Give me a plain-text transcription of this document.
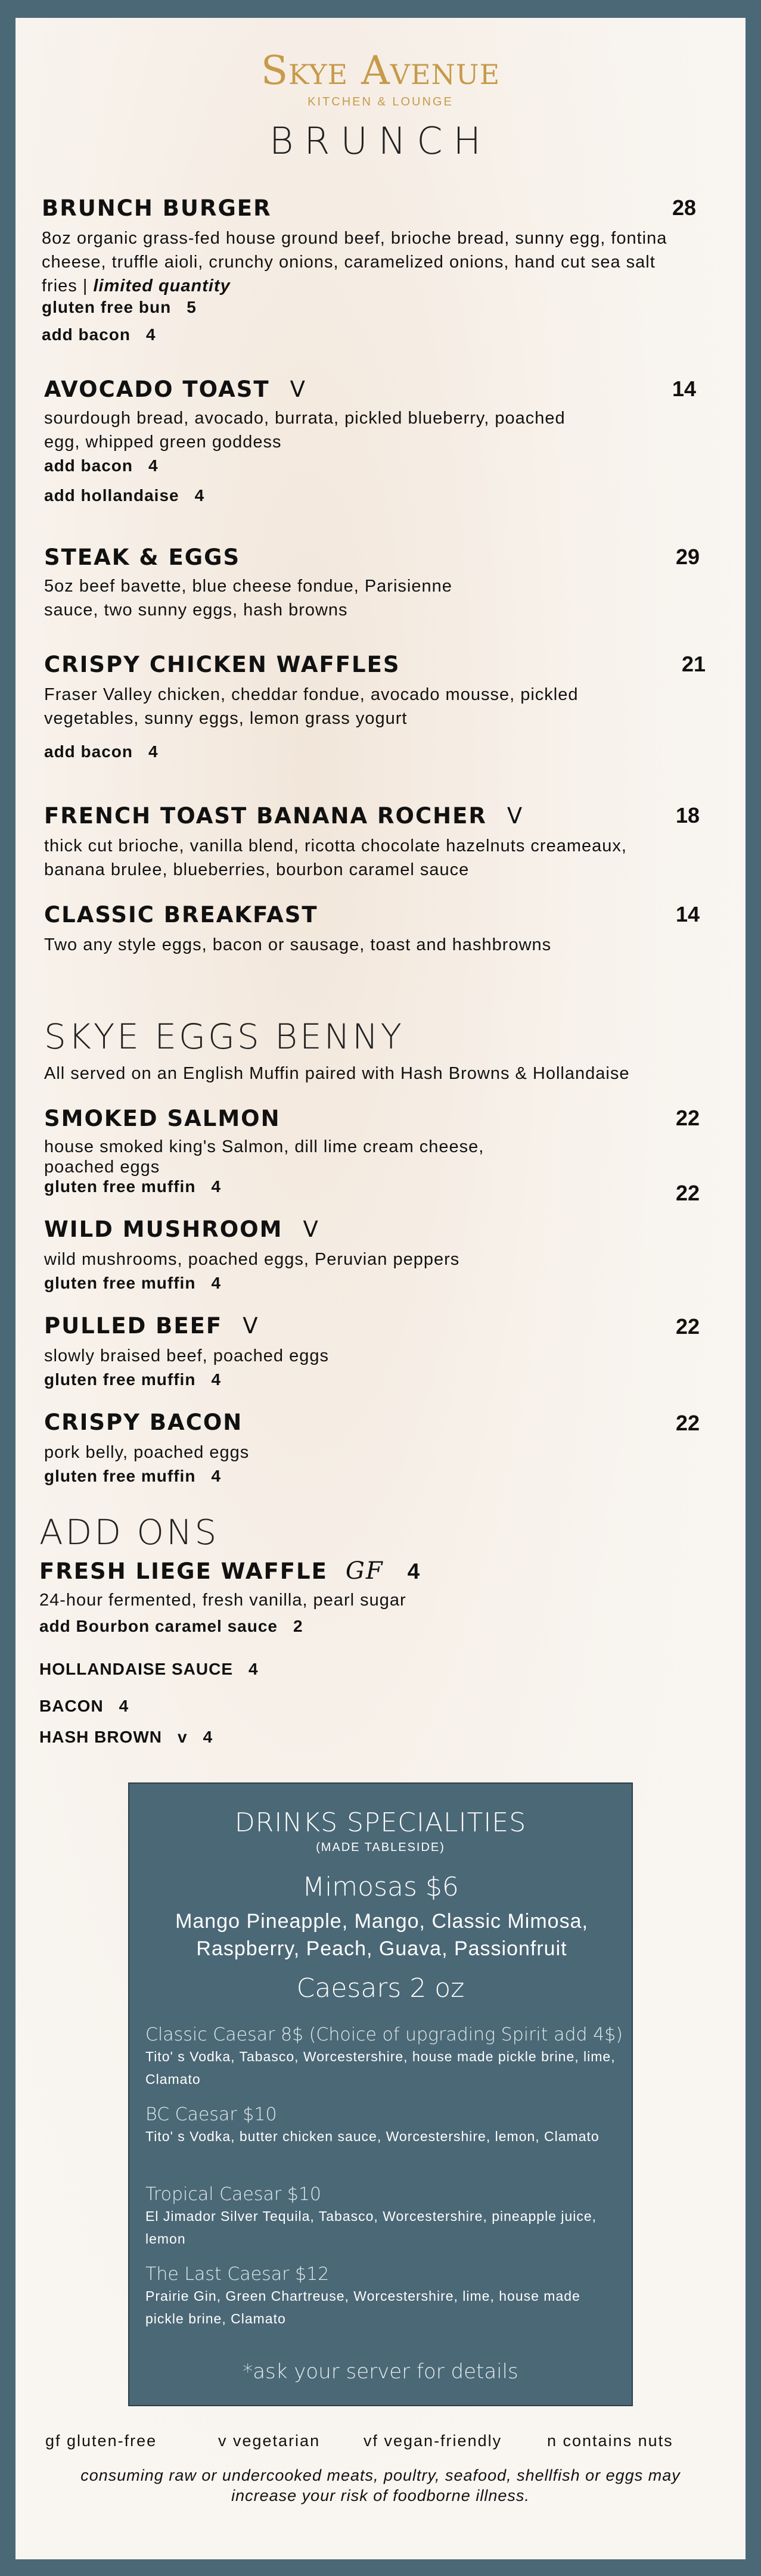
Skye Avenue
KITCHEN & LOUNGE
BRUNCH
BRUNCH BURGER	28
8oz organic grass-fed house ground beef, brioche bread, sunny egg, fontina cheese, truffle aioli, crunchy onions, caramelized onions, hand cut sea salt fries | limited quantity
gluten free bun 5
add bacon 4
AVOCADO TOAST V	14
sourdough bread, avocado, burrata, pickled blueberry, poached egg, whipped green goddess
add bacon 4
add hollandaise 4
STEAK & EGGS	29
5oz beef bavette, blue cheese fondue, Parisienne sauce, two sunny eggs, hash browns
CRISPY CHICKEN WAFFLES	21
Fraser Valley chicken, cheddar fondue, avocado mousse, pickled vegetables, sunny eggs, lemon grass yogurt
add bacon 4
FRENCH TOAST BANANA ROCHER V	18
thick cut brioche, vanilla blend, ricotta chocolate hazelnuts creameaux, banana brulee, blueberries, bourbon caramel sauce
CLASSIC BREAKFAST	14
Two any style eggs, bacon or sausage, toast and hashbrowns
SKYE EGGS BENNY
All served on an English Muffin paired with Hash Browns & Hollandaise
SMOKED SALMON	22
house smoked king's Salmon, dill lime cream cheese, poached eggs
gluten free muffin 4	22
WILD MUSHROOM V
wild mushrooms, poached eggs, Peruvian peppers
gluten free muffin 4
PULLED BEEF V	22
slowly braised beef, poached eggs
gluten free muffin 4
CRISPY BACON	22
pork belly, poached eggs
gluten free muffin 4
ADD ONS
FRESH LIEGE WAFFLE GF 4
24-hour fermented, fresh vanilla, pearl sugar
add Bourbon caramel sauce 2
HOLLANDAISE SAUCE 4
BACON 4
HASH BROWN v 4
DRINKS SPECIALITIES
(MADE TABLESIDE)
Mimosas $6
Mango Pineapple, Mango, Classic Mimosa, Raspberry, Peach, Guava, Passionfruit
Caesars 2 oz
Classic Caesar 8$ (Choice of upgrading Spirit add 4$)
Tito' s Vodka, Tabasco, Worcestershire, house made pickle brine, lime, Clamato
BC Caesar $10
Tito' s Vodka, butter chicken sauce, Worcestershire, lemon, Clamato
Tropical Caesar $10
El Jimador Silver Tequila, Tabasco, Worcestershire, pineapple juice, lemon
The Last Caesar $12
Prairie Gin, Green Chartreuse, Worcestershire, lime, house made pickle brine, Clamato
*ask your server for details
gf gluten-free	v vegetarian	vf vegan-friendly	n contains nuts
consuming raw or undercooked meats, poultry, seafood, shellfish or eggs may increase your risk of foodborne illness.
